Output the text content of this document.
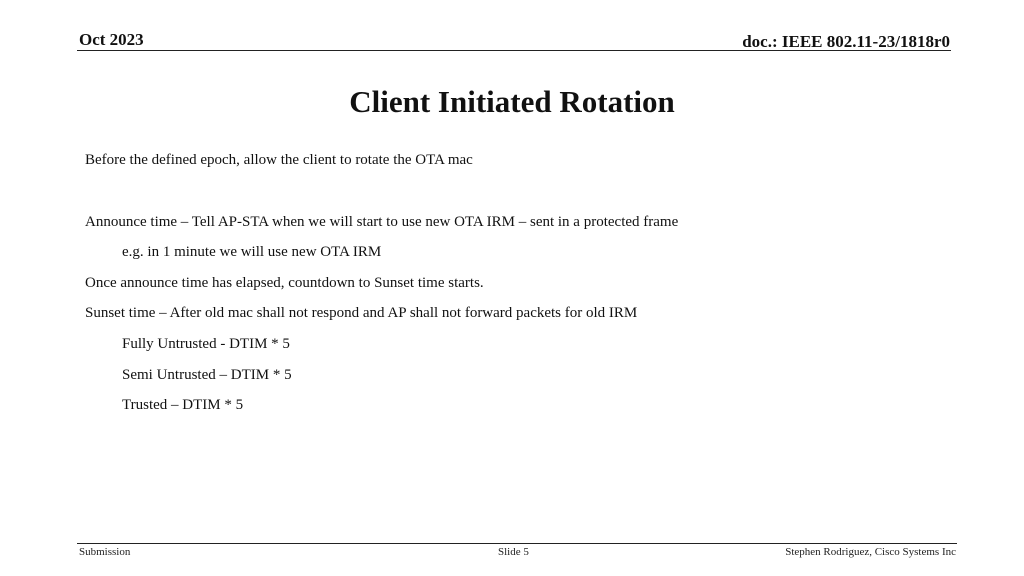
Oct 2023	doc.: IEEE 802.11-23/1818r0
Client Initiated Rotation
Before the defined epoch, allow the client to rotate the OTA mac
Announce time – Tell AP-STA when we will start to use new OTA IRM – sent in a protected frame
e.g. in 1 minute we will use new OTA IRM
Once announce time has elapsed, countdown to Sunset time starts.
Sunset time – After old mac shall not respond and AP shall not forward packets for old IRM
Fully Untrusted - DTIM * 5
Semi Untrusted – DTIM * 5
Trusted – DTIM * 5
Submission	Slide 5	Stephen Rodriguez, Cisco Systems Inc
